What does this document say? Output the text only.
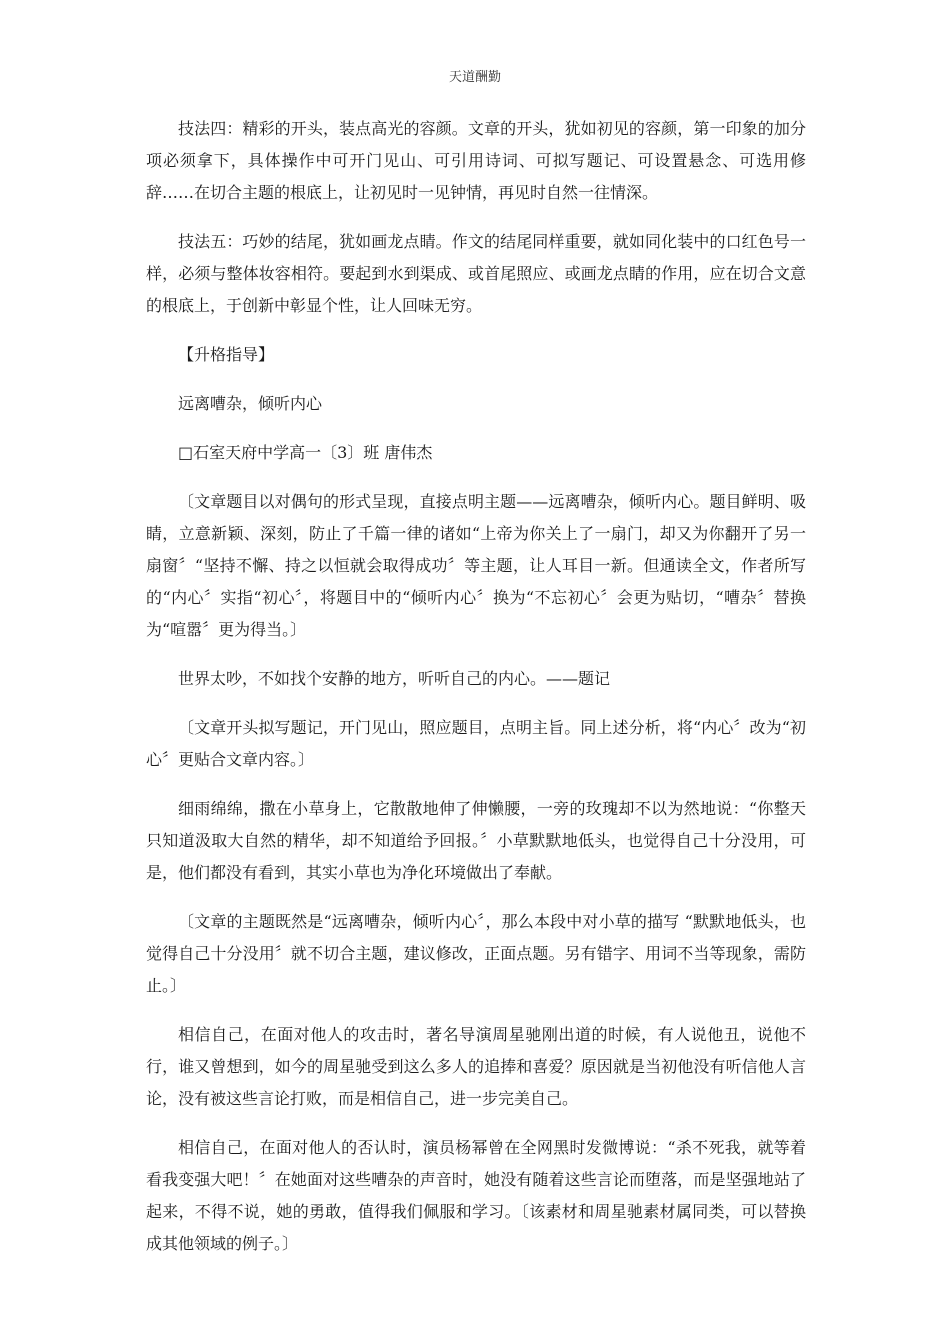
天道酬勤

技法四：精彩的开头，装点高光的容颜。文章的开头，犹如初见的容颜，第一印象的加分项必须拿下，具体操作中可开门见山、可引用诗词、可拟写题记、可设置悬念、可选用修辞……在切合主题的根底上，让初见时一见钟情，再见时自然一往情深。

技法五：巧妙的结尾，犹如画龙点睛。作文的结尾同样重要，就如同化装中的口红色号一样，必须与整体妆容相符。要起到水到渠成、或首尾照应、或画龙点睛的作用，应在切合文意的根底上，于创新中彰显个性，让人回味无穷。

【升格指导】

远离嘈杂，倾听内心

□石室天府中学高一〔3〕班 唐伟杰

〔文章题目以对偶句的形式呈现，直接点明主题——远离嘈杂，倾听内心。题目鲜明、吸睛，立意新颖、深刻，防止了千篇一律的诸如“上帝为你关上了一扇门，却又为你翻开了另一扇窗〞“坚持不懈、持之以恒就会取得成功〞等主题，让人耳目一新。但通读全文，作者所写的“内心〞实指“初心〞，将题目中的“倾听内心〞换为“不忘初心〞会更为贴切，“嘈杂〞替换为“喧嚣〞更为得当。〕

世界太吵，不如找个安静的地方，听听自己的内心。——题记

〔文章开头拟写题记，开门见山，照应题目，点明主旨。同上述分析，将“内心〞改为“初心〞更贴合文章内容。〕

细雨绵绵，撒在小草身上，它散散地伸了伸懒腰，一旁的玫瑰却不以为然地说：“你整天只知道汲取大自然的精华，却不知道给予回报。〞小草默默地低头，也觉得自己十分没用，可是，他们都没有看到，其实小草也为净化环境做出了奉献。

〔文章的主题既然是“远离嘈杂，倾听内心〞，那么本段中对小草的描写 “默默地低头，也觉得自己十分没用〞就不切合主题，建议修改，正面点题。另有错字、用词不当等现象，需防止。〕

相信自己，在面对他人的攻击时，著名导演周星驰刚出道的时候，有人说他丑，说他不行，谁又曾想到，如今的周星驰受到这么多人的追捧和喜爱？原因就是当初他没有听信他人言论，没有被这些言论打败，而是相信自己，进一步完美自己。

相信自己，在面对他人的否认时，演员杨幂曾在全网黑时发微博说：“杀不死我，就等着看我变强大吧！〞在她面对这些嘈杂的声音时，她没有随着这些言论而堕落，而是坚强地站了起来，不得不说，她的勇敢，值得我们佩服和学习。〔该素材和周星驰素材属同类，可以替换成其他领域的例子。〕
